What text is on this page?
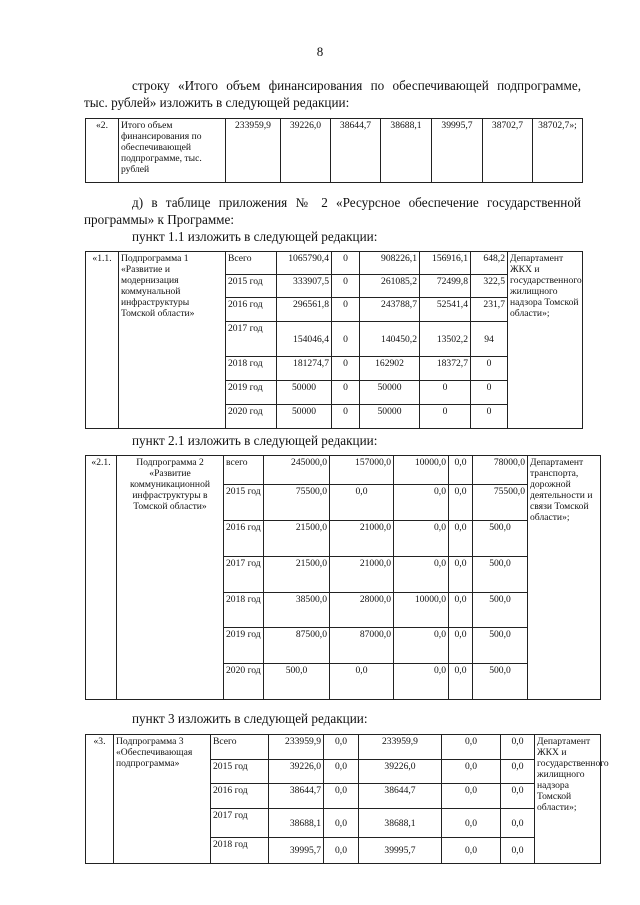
8
строку «Итого объем финансирования по обеспечивающей подпрограмме,
тыс. рублей» изложить в следующей редакции:
«2.	Итого объем финансирования по обеспечивающей подпрограмме, тыс. рублей	233959,9	39226,0	38644,7	38688,1	39995,7	38702,7	38702,7»;
д) в таблице приложения № 2 «Ресурсное обеспечение государственной
программы» к Программе:
пункт 1.1 изложить в следующей редакции:
«1.1.	Подпрограмма 1 «Развитие и модернизация коммунальной инфраструктуры Томской области»	Всего	1065790,4	0	908226,1	156916,1	648,2	Департамент ЖКХ и государственного жилищного надзора Томской области»;
		2015 год	333907,5	0	261085,2	72499,8	322,5	
		2016 год	296561,8	0	243788,7	52541,4	231,7	
		2017 год	154046,4	0	140450,2	13502,2	94	
		2018 год	181274,7	0	162902	18372,7	0	
		2019 год	50000	0	50000	0	0	
		2020 год	50000	0	50000	0	0	
пункт 2.1 изложить в следующей редакции:
«2.1.	Подпрограмма 2 «Развитие коммуникационной инфраструктуры в Томской области»	всего	245000,0	157000,0	10000,0	0,0	78000,0	Департамент транспорта, дорожной деятельности и связи Томской области»;
		2015 год	75500,0	0,0	0,0	0,0	75500,0	
		2016 год	21500,0	21000,0	0,0	0,0	500,0	
		2017 год	21500,0	21000,0	0,0	0,0	500,0	
		2018 год	38500,0	28000,0	10000,0	0,0	500,0	
		2019 год	87500,0	87000,0	0,0	0,0	500,0	
		2020 год	500,0	0,0	0,0	0,0	500,0	
пункт 3 изложить в следующей редакции:
«3.	Подпрограмма 3 «Обеспечивающая подпрограмма»	Всего	233959,9	0,0	233959,9	0,0	0,0	Департамент ЖКХ и государственного жилищного надзора Томской области»;
		2015 год	39226,0	0,0	39226,0	0,0	0,0	
		2016 год	38644,7	0,0	38644,7	0,0	0,0	
		2017 год	38688,1	0,0	38688,1	0,0	0,0	
		2018 год	39995,7	0,0	39995,7	0,0	0,0	
